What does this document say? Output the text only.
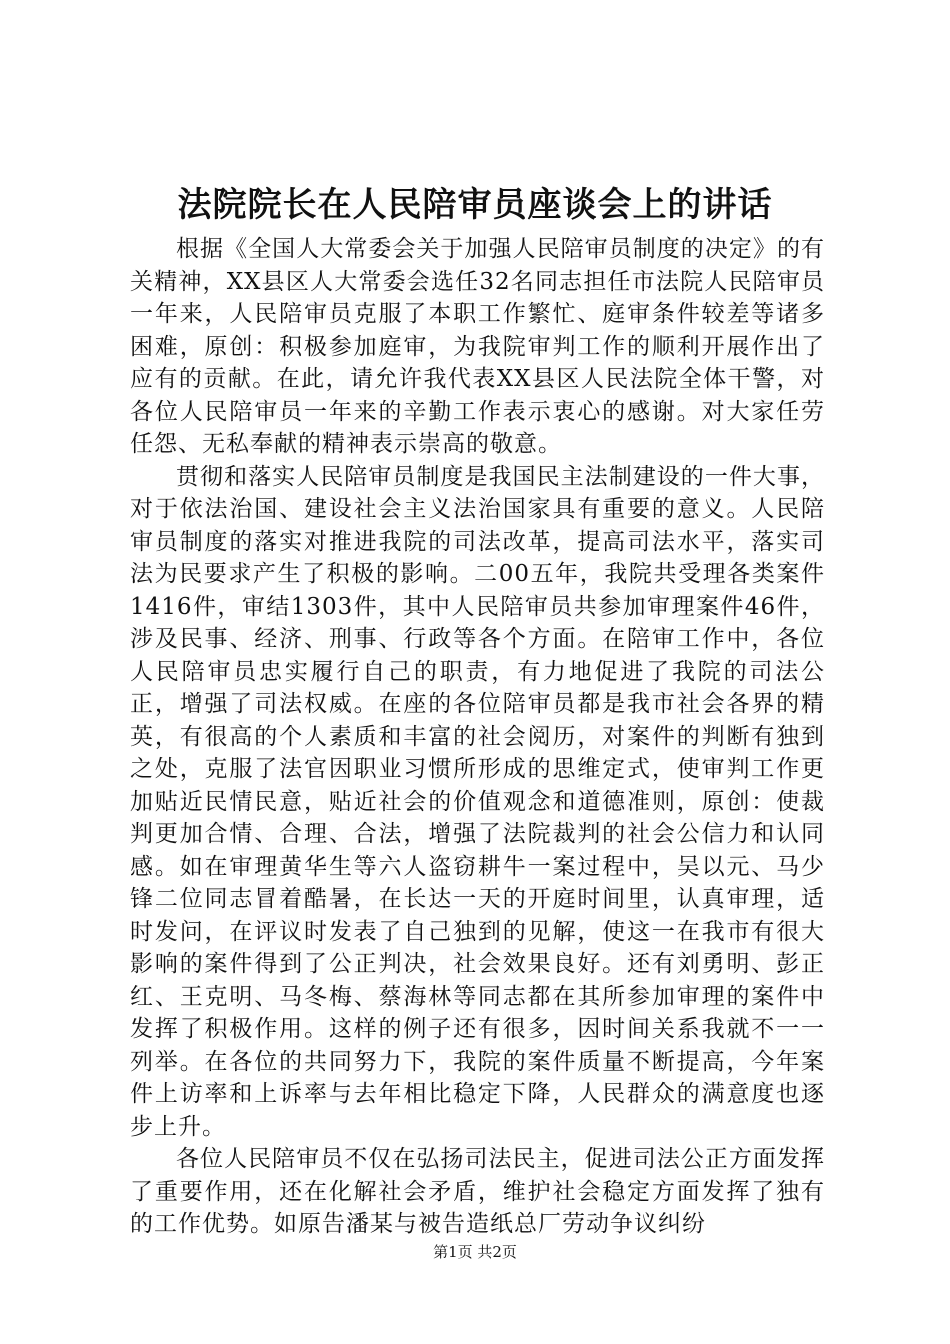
法院院长在人民陪审员座谈会上的讲话

根据《全国人大常委会关于加强人民陪审员制度的决定》的有关精神，XX县区人大常委会选任32名同志担任市法院人民陪审员一年来，人民陪审员克服了本职工作繁忙、庭审条件较差等诸多困难，原创：积极参加庭审，为我院审判工作的顺利开展作出了应有的贡献。在此，请允许我代表XX县区人民法院全体干警，对各位人民陪审员一年来的辛勤工作表示衷心的感谢。对大家任劳任怨、无私奉献的精神表示崇高的敬意。

贯彻和落实人民陪审员制度是我国民主法制建设的一件大事，对于依法治国、建设社会主义法治国家具有重要的意义。人民陪审员制度的落实对推进我院的司法改革，提高司法水平，落实司法为民要求产生了积极的影响。二00五年，我院共受理各类案件1416件，审结1303件，其中人民陪审员共参加审理案件46件，涉及民事、经济、刑事、行政等各个方面。在陪审工作中，各位人民陪审员忠实履行自己的职责，有力地促进了我院的司法公正，增强了司法权威。在座的各位陪审员都是我市社会各界的精英，有很高的个人素质和丰富的社会阅历，对案件的判断有独到之处，克服了法官因职业习惯所形成的思维定式，使审判工作更加贴近民情民意，贴近社会的价值观念和道德准则，原创：使裁判更加合情、合理、合法，增强了法院裁判的社会公信力和认同感。如在审理黄华生等六人盗窃耕牛一案过程中，吴以元、马少锋二位同志冒着酷暑，在长达一天的开庭时间里，认真审理，适时发问，在评议时发表了自己独到的见解，使这一在我市有很大影响的案件得到了公正判决，社会效果良好。还有刘勇明、彭正红、王克明、马冬梅、蔡海林等同志都在其所参加审理的案件中发挥了积极作用。这样的例子还有很多，因时间关系我就不一一列举。在各位的共同努力下，我院的案件质量不断提高，今年案件上访率和上诉率与去年相比稳定下降，人民群众的满意度也逐步上升。

各位人民陪审员不仅在弘扬司法民主，促进司法公正方面发挥了重要作用，还在化解社会矛盾，维护社会稳定方面发挥了独有的工作优势。如原告潘某与被告造纸总厂劳动争议纠纷

第1页 共2页
